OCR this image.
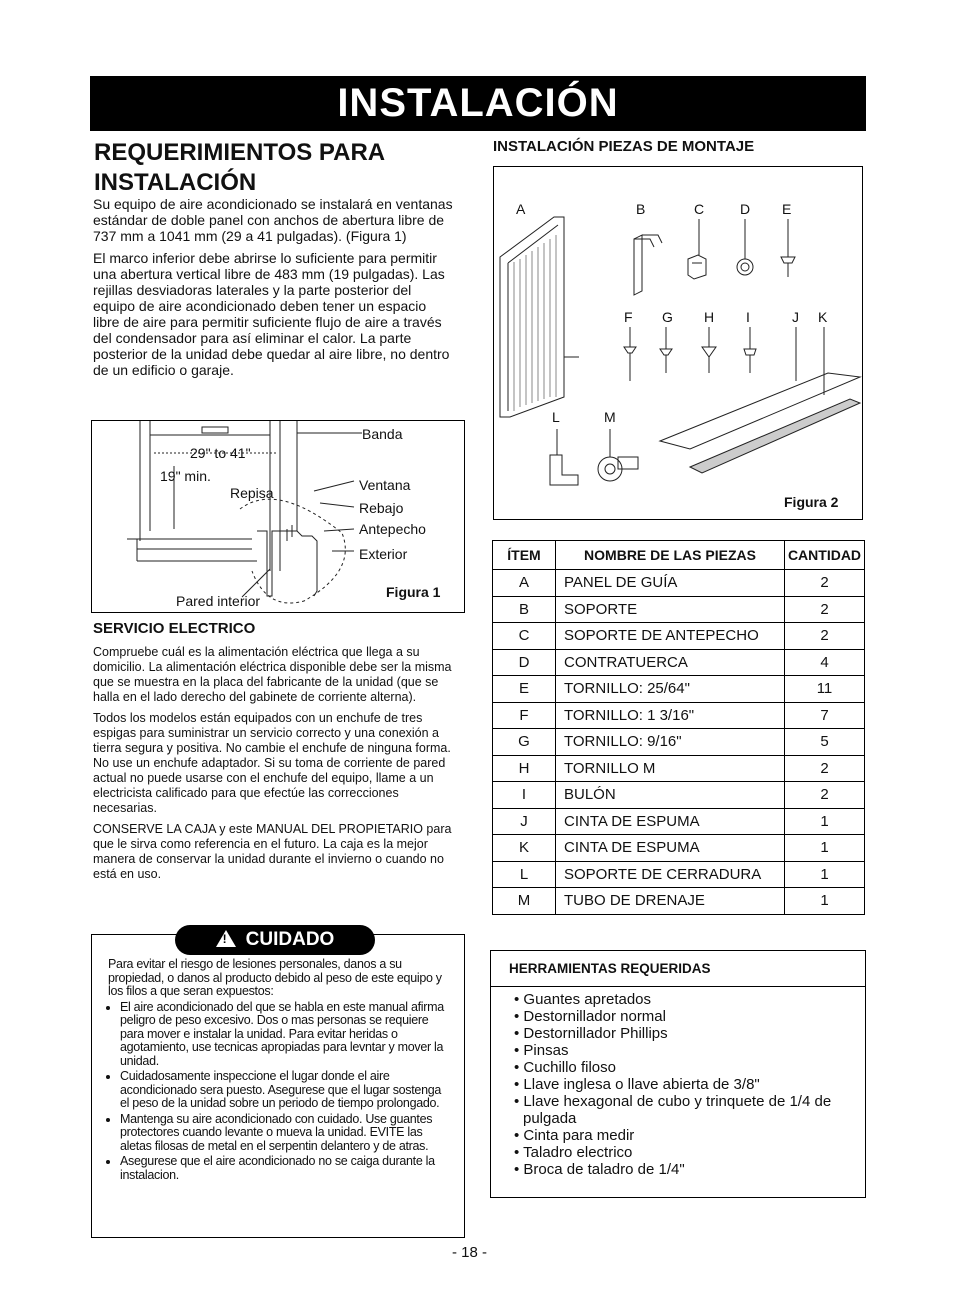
INSTALACIÓN
REQUERIMIENTOS PARA INSTALACIÓN

Su equipo de aire acondicionado se instalará en ventanas estándar de doble panel con anchos de abertura libre de 737 mm a 1041 mm (29 a 41 pulgadas). (Figura 1)

El marco inferior debe abrirse lo suficiente para permitir una abertura vertical libre de 483 mm (19 pulgadas). Las rejillas desviadoras laterales y la parte posterior del equipo de aire acondicionado deben tener un espacio libre de aire para permitir suficiente flujo de aire a través del condensador para así eliminar el calor. La parte posterior de la unidad debe quedar al aire libre, no dentro de un edificio o garaje.

Banda
29" to 41"
19" min.
Repisa	Ventana
Rebajo
Antepecho
Exterior
Pared interior
Figura 1
SERVICIO ELECTRICO

Compruebe cuál es la alimentación eléctrica que llega a su domicilio. La alimentación eléctrica disponible debe ser la misma que se muestra en la placa del fabricante de la unidad (que se halla en el lado derecho del gabinete de corriente alterna).

Todos los modelos están equipados con un enchufe de tres espigas para suministrar un servicio correcto y una conexión a tierra segura y positiva. No cambie el enchufe de ninguna forma. No use un enchufe adaptador. Si su toma de corriente de pared actual no puede usarse con el enchufe del equipo, llame a un electricista calificado para que efectúe las correcciones necesarias.

CONSERVE LA CAJA y este MANUAL DEL PROPIETARIO para que le sirva como referencia en el futuro. La caja es la mejor manera de conservar la unidad durante el invierno o cuando no está en uso.

! CUIDADO

Para evitar el riesgo de lesiones personales, danos a su propiedad, o danos al producto debido al peso de este equipo y los filos a que seran expuestos:

• El aire acondicionado del que se habla en este manual afirma peligro de peso excesivo. Dos o mas personas se requiere para mover e instalar la unidad. Para evitar heridas o agotamiento, use tecnicas apropiadas para levntar y mover la unidad.
• Cuidadosamente inspeccione el lugar donde el aire acondicionado sera puesto. Asegurese que el lugar sostenga el peso de la unidad sobre un periodo de tiempo prolongado.
• Mantenga su aire acondicionado con cuidado. Use guantes protectores cuando levante o mueva la unidad. EVITE las aletas filosas de metal en el serpentin delantero y de atras.
• Asegurese que el aire acondicionado no se caiga durante la instalacion.
INSTALACIÓN PIEZAS DE MONTAJE
A	B	C	D E
F G H I	J K
L	M
Figura 2
ÍTEM	NOMBRE DE LAS PIEZAS	CANTIDAD
A	PANEL DE GUÍA	2
B	SOPORTE	2
C	SOPORTE DE ANTEPECHO	2
D	CONTRATUERCA	4
E	TORNILLO: 25/64"	11
F	TORNILLO: 1 3/16"	7
G	TORNILLO: 9/16"	5
H	TORNILLO M	2
I	BULÓN	2
J	CINTA DE ESPUMA	1
K	CINTA DE ESPUMA	1
L	SOPORTE DE CERRADURA	1
M	TUBO DE DRENAJE	1
HERRAMIENTAS REQUERIDAS
• Guantes apretados
• Destornillador normal
• Destornillador Phillips
• Pinsas
• Cuchillo filoso
• Llave inglesa o llave abierta de 3/8"
• Llave hexagonal de cubo y trinquete de 1/4 de pulgada
• Cinta para medir
• Taladro electrico
• Broca de taladro de 1/4"
- 18 -
